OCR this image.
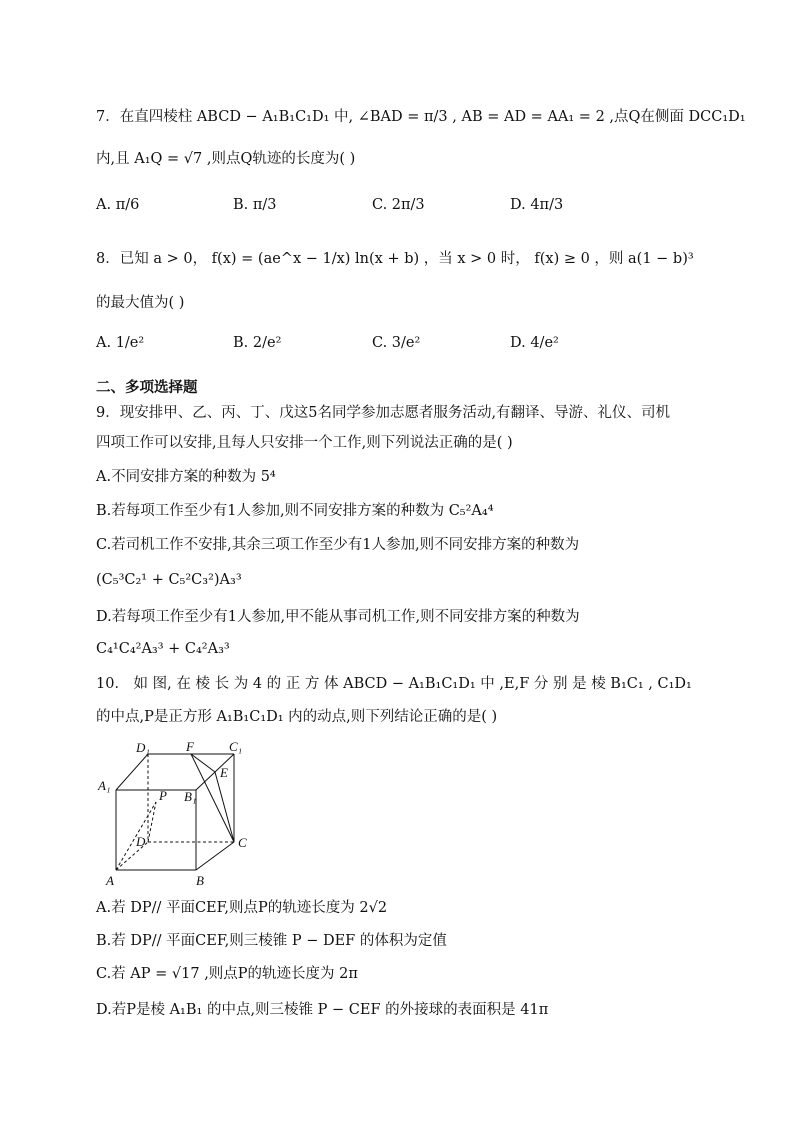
7．在直四棱柱 ABCD − A₁B₁C₁D₁ 中, ∠BAD = π/3 , AB = AD = AA₁ = 2 ,点Q在侧面 DCC₁D₁
内,且 A₁Q = √7 ,则点Q轨迹的长度为( )
A. π/6	B. π/3	C. 2π/3	D. 4π/3
8．已知 a > 0， f(x) = (ae^x − 1/x) ln(x + b) ，当 x > 0 时， f(x) ≥ 0 ，则 a(1 − b)³
的最大值为( )
A. 1/e²	B. 2/e²	C. 3/e²	D. 4/e²
二、多项选择题
9．现安排甲、乙、丙、丁、戊这5名同学参加志愿者服务活动,有翻译、导游、礼仪、司机
四项工作可以安排,且每人只安排一个工作,则下列说法正确的是( )
A.不同安排方案的种数为 5⁴
B.若每项工作至少有1人参加,则不同安排方案的种数为 C₅²A₄⁴
C.若司机工作不安排,其余三项工作至少有1人参加,则不同安排方案的种数为
(C₅³C₂¹ + C₅²C₃²)A₃³
D.若每项工作至少有1人参加,甲不能从事司机工作,则不同安排方案的种数为
C₄¹C₄²A₃³ + C₄²A₃³
10． 如 图, 在 棱 长 为 4 的 正 方 体 ABCD − A₁B₁C₁D₁ 中 ,E,F 分 别 是 棱 B₁C₁ , C₁D₁
的中点,P是正方形 A₁B₁C₁D₁ 内的动点,则下列结论正确的是( )
D₁	F	C₁
E
A₁
P B₁
D	C
A	B
A.若 DP// 平面CEF,则点P的轨迹长度为 2√2
B.若 DP// 平面CEF,则三棱锥 P − DEF 的体积为定值
C.若 AP = √17 ,则点P的轨迹长度为 2π
D.若P是棱 A₁B₁ 的中点,则三棱锥 P − CEF 的外接球的表面积是 41π
